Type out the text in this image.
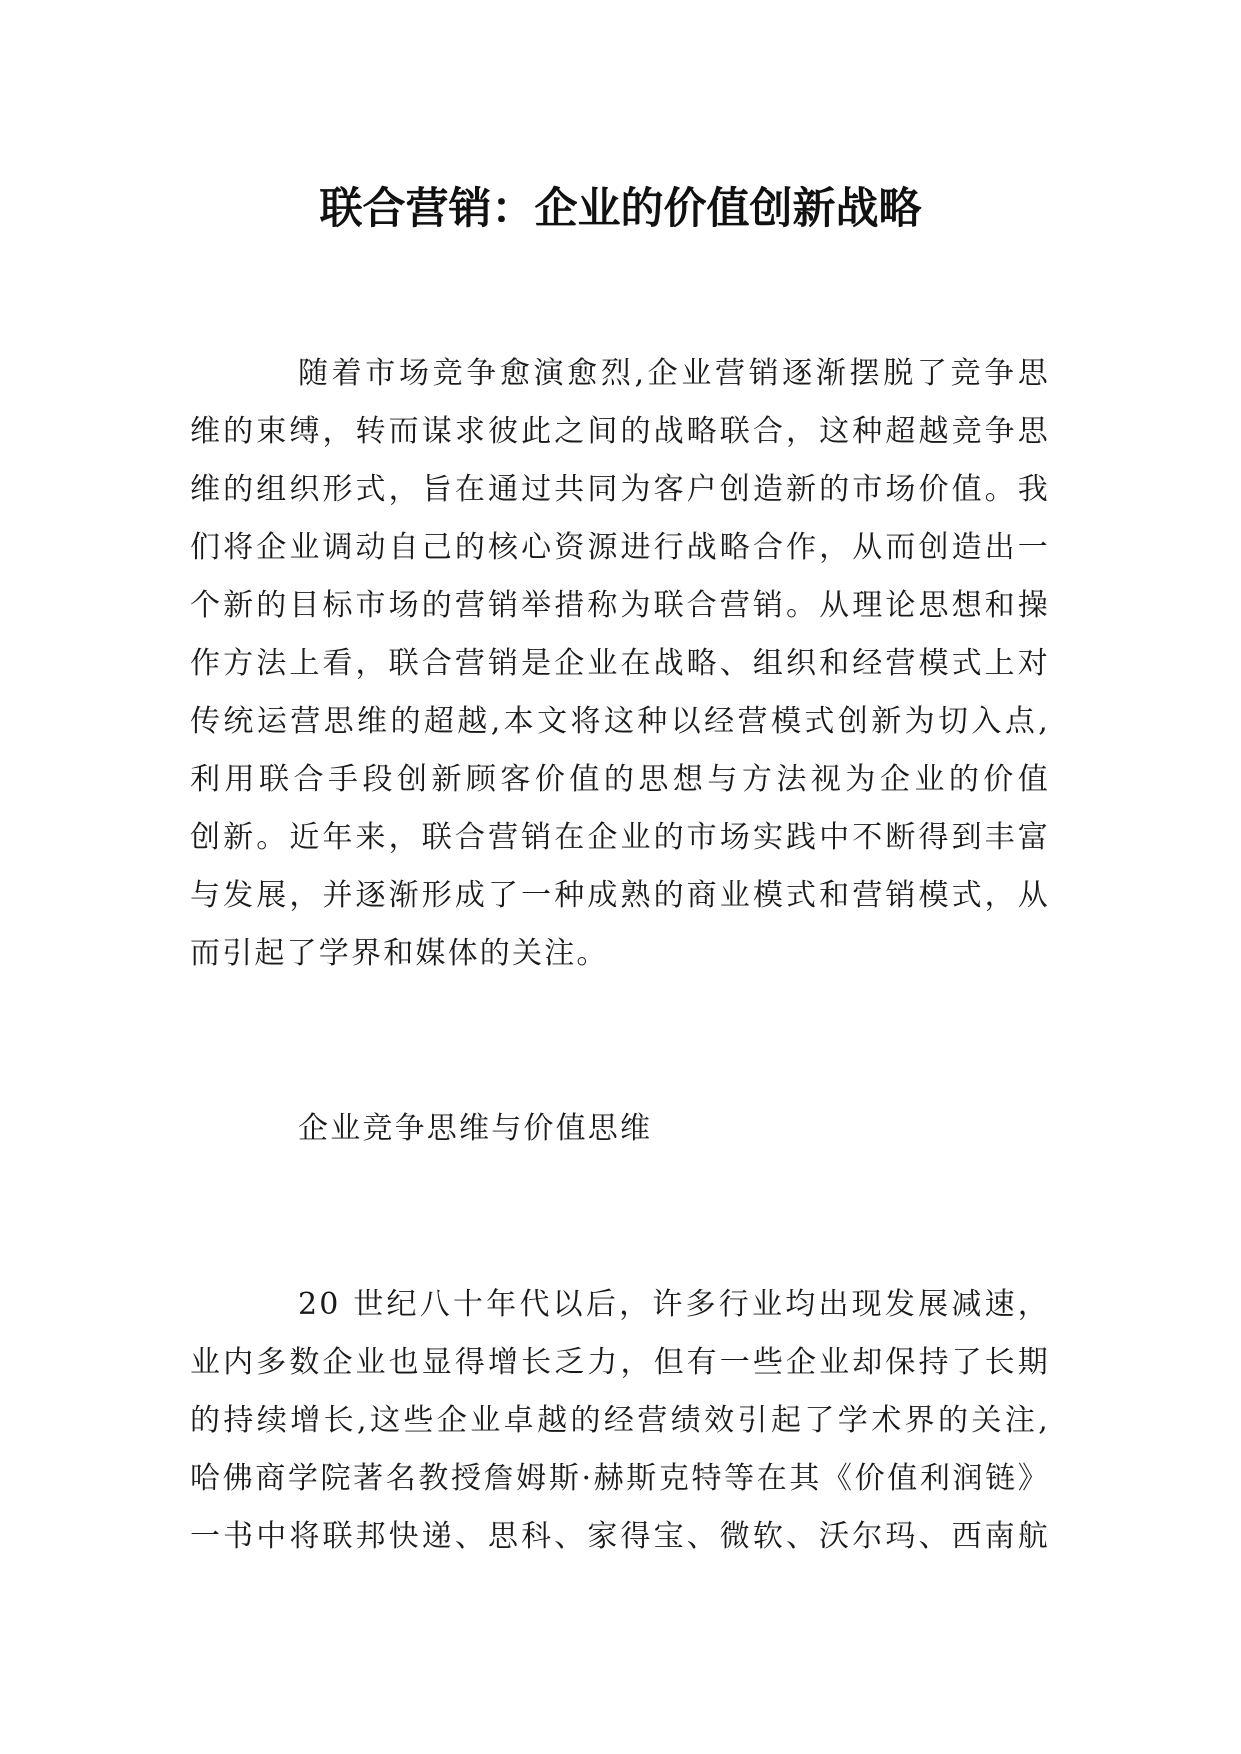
联合营销：企业的价值创新战略
随着市场竞争愈演愈烈,企业营销逐渐摆脱了竞争思
维的束缚，转而谋求彼此之间的战略联合，这种超越竞争思
维的组织形式，旨在通过共同为客户创造新的市场价值。我
们将企业调动自己的核心资源进行战略合作，从而创造出一
个新的目标市场的营销举措称为联合营销。从理论思想和操
作方法上看，联合营销是企业在战略、组织和经营模式上对
传统运营思维的超越,本文将这种以经营模式创新为切入点,
利用联合手段创新顾客价值的思想与方法视为企业的价值
创新。近年来，联合营销在企业的市场实践中不断得到丰富
与发展，并逐渐形成了一种成熟的商业模式和营销模式，从
而引起了学界和媒体的关注。
企业竞争思维与价值思维
20 世纪八十年代以后，许多行业均出现发展减速，
业内多数企业也显得增长乏力，但有一些企业却保持了长期
的持续增长,这些企业卓越的经营绩效引起了学术界的关注,
哈佛商学院著名教授詹姆斯·赫斯克特等在其《价值利润链》
一书中将联邦快递、思科、家得宝、微软、沃尔玛、西南航
